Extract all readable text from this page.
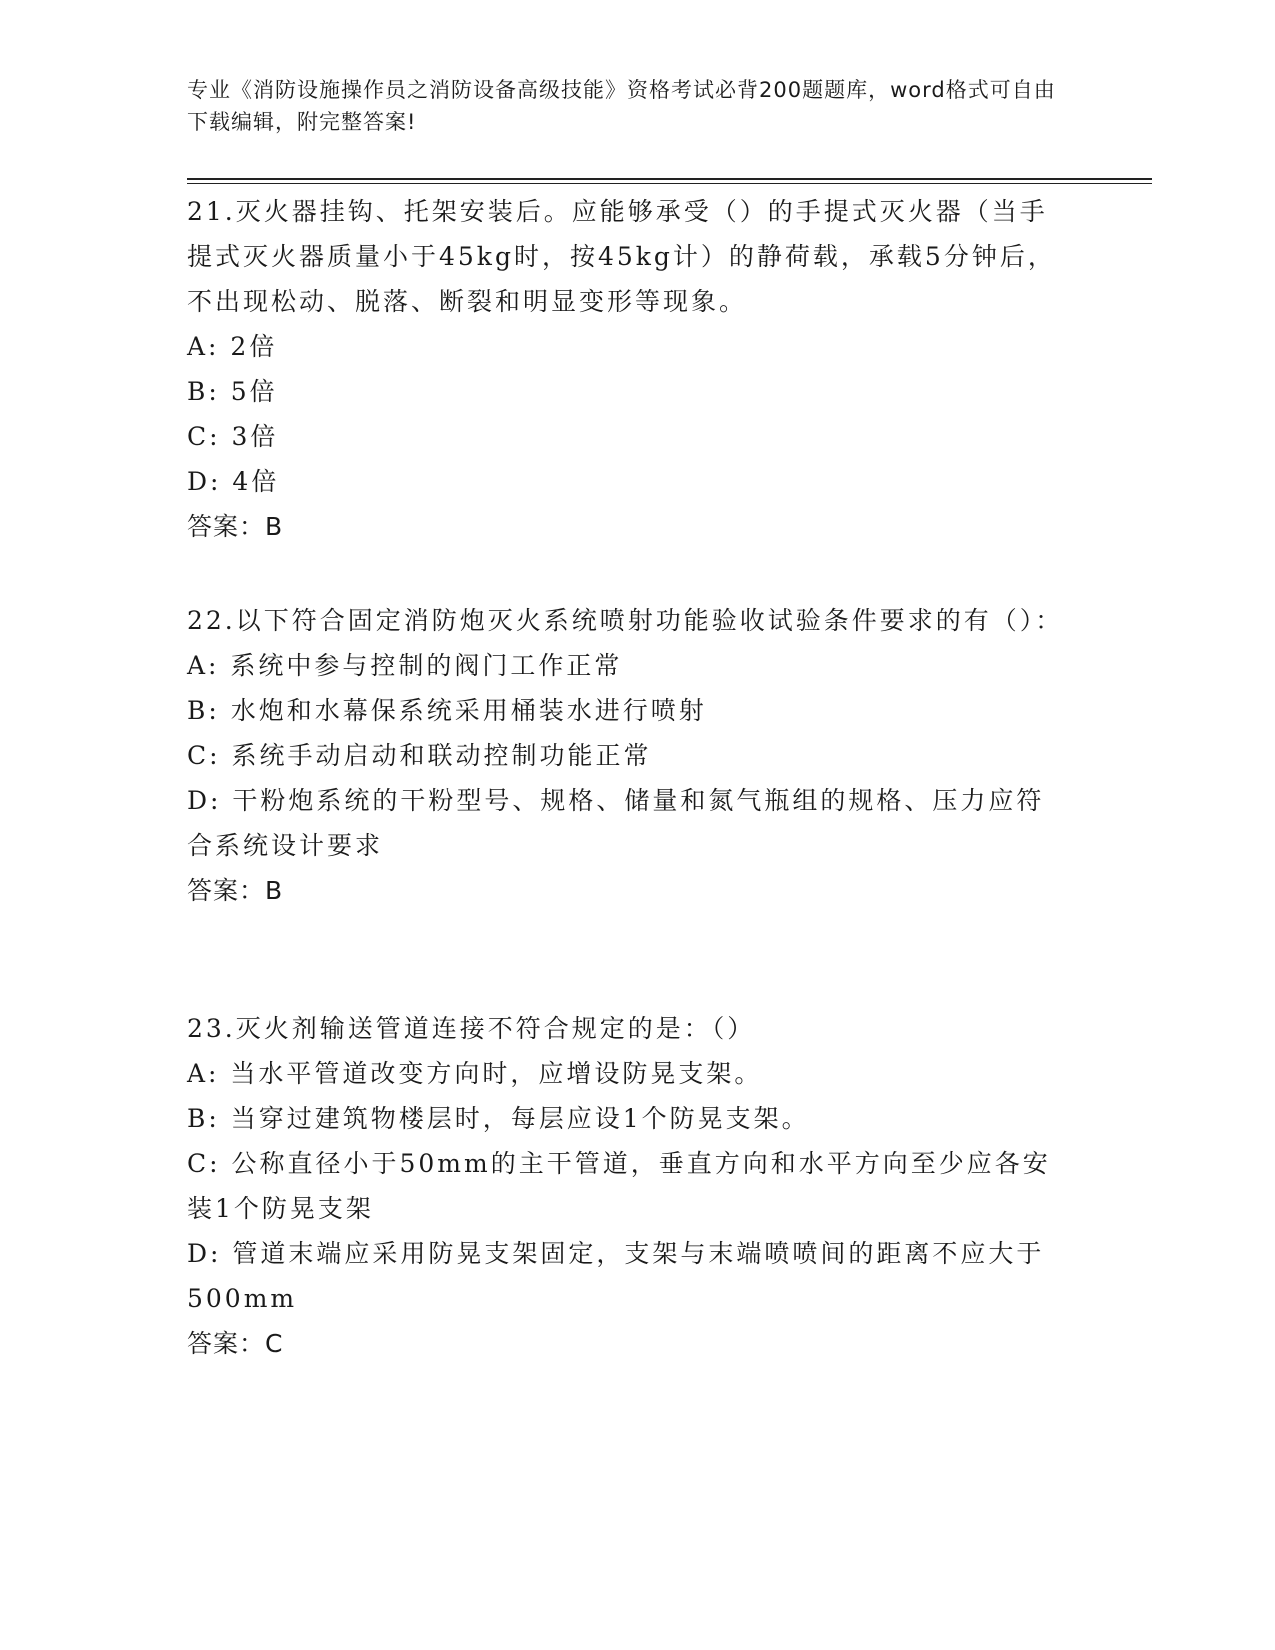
专业《消防设施操作员之消防设备高级技能》资格考试必背200题题库，word格式可自由下载编辑，附完整答案!

21.灭火器挂钩、托架安装后。应能够承受（）的手提式灭火器（当手提式灭火器质量小于45kg时，按45kg计）的静荷载，承载5分钟后，不出现松动、脱落、断裂和明显变形等现象。

A: 2倍

B: 5倍

C: 3倍

D: 4倍

答案：B

22.以下符合固定消防炮灭火系统喷射功能验收试验条件要求的有（）：

A: 系统中参与控制的阀门工作正常

B: 水炮和水幕保系统采用桶装水进行喷射

C: 系统手动启动和联动控制功能正常

D: 干粉炮系统的干粉型号、规格、储量和氮气瓶组的规格、压力应符合系统设计要求

答案：B

23.灭火剂输送管道连接不符合规定的是：（）

A: 当水平管道改变方向时，应增设防晃支架。

B: 当穿过建筑物楼层时，每层应设1个防晃支架。

C: 公称直径小于50mm的主干管道，垂直方向和水平方向至少应各安装1个防晃支架

D: 管道末端应采用防晃支架固定，支架与末端喷喷间的距离不应大于500mm

答案：C
